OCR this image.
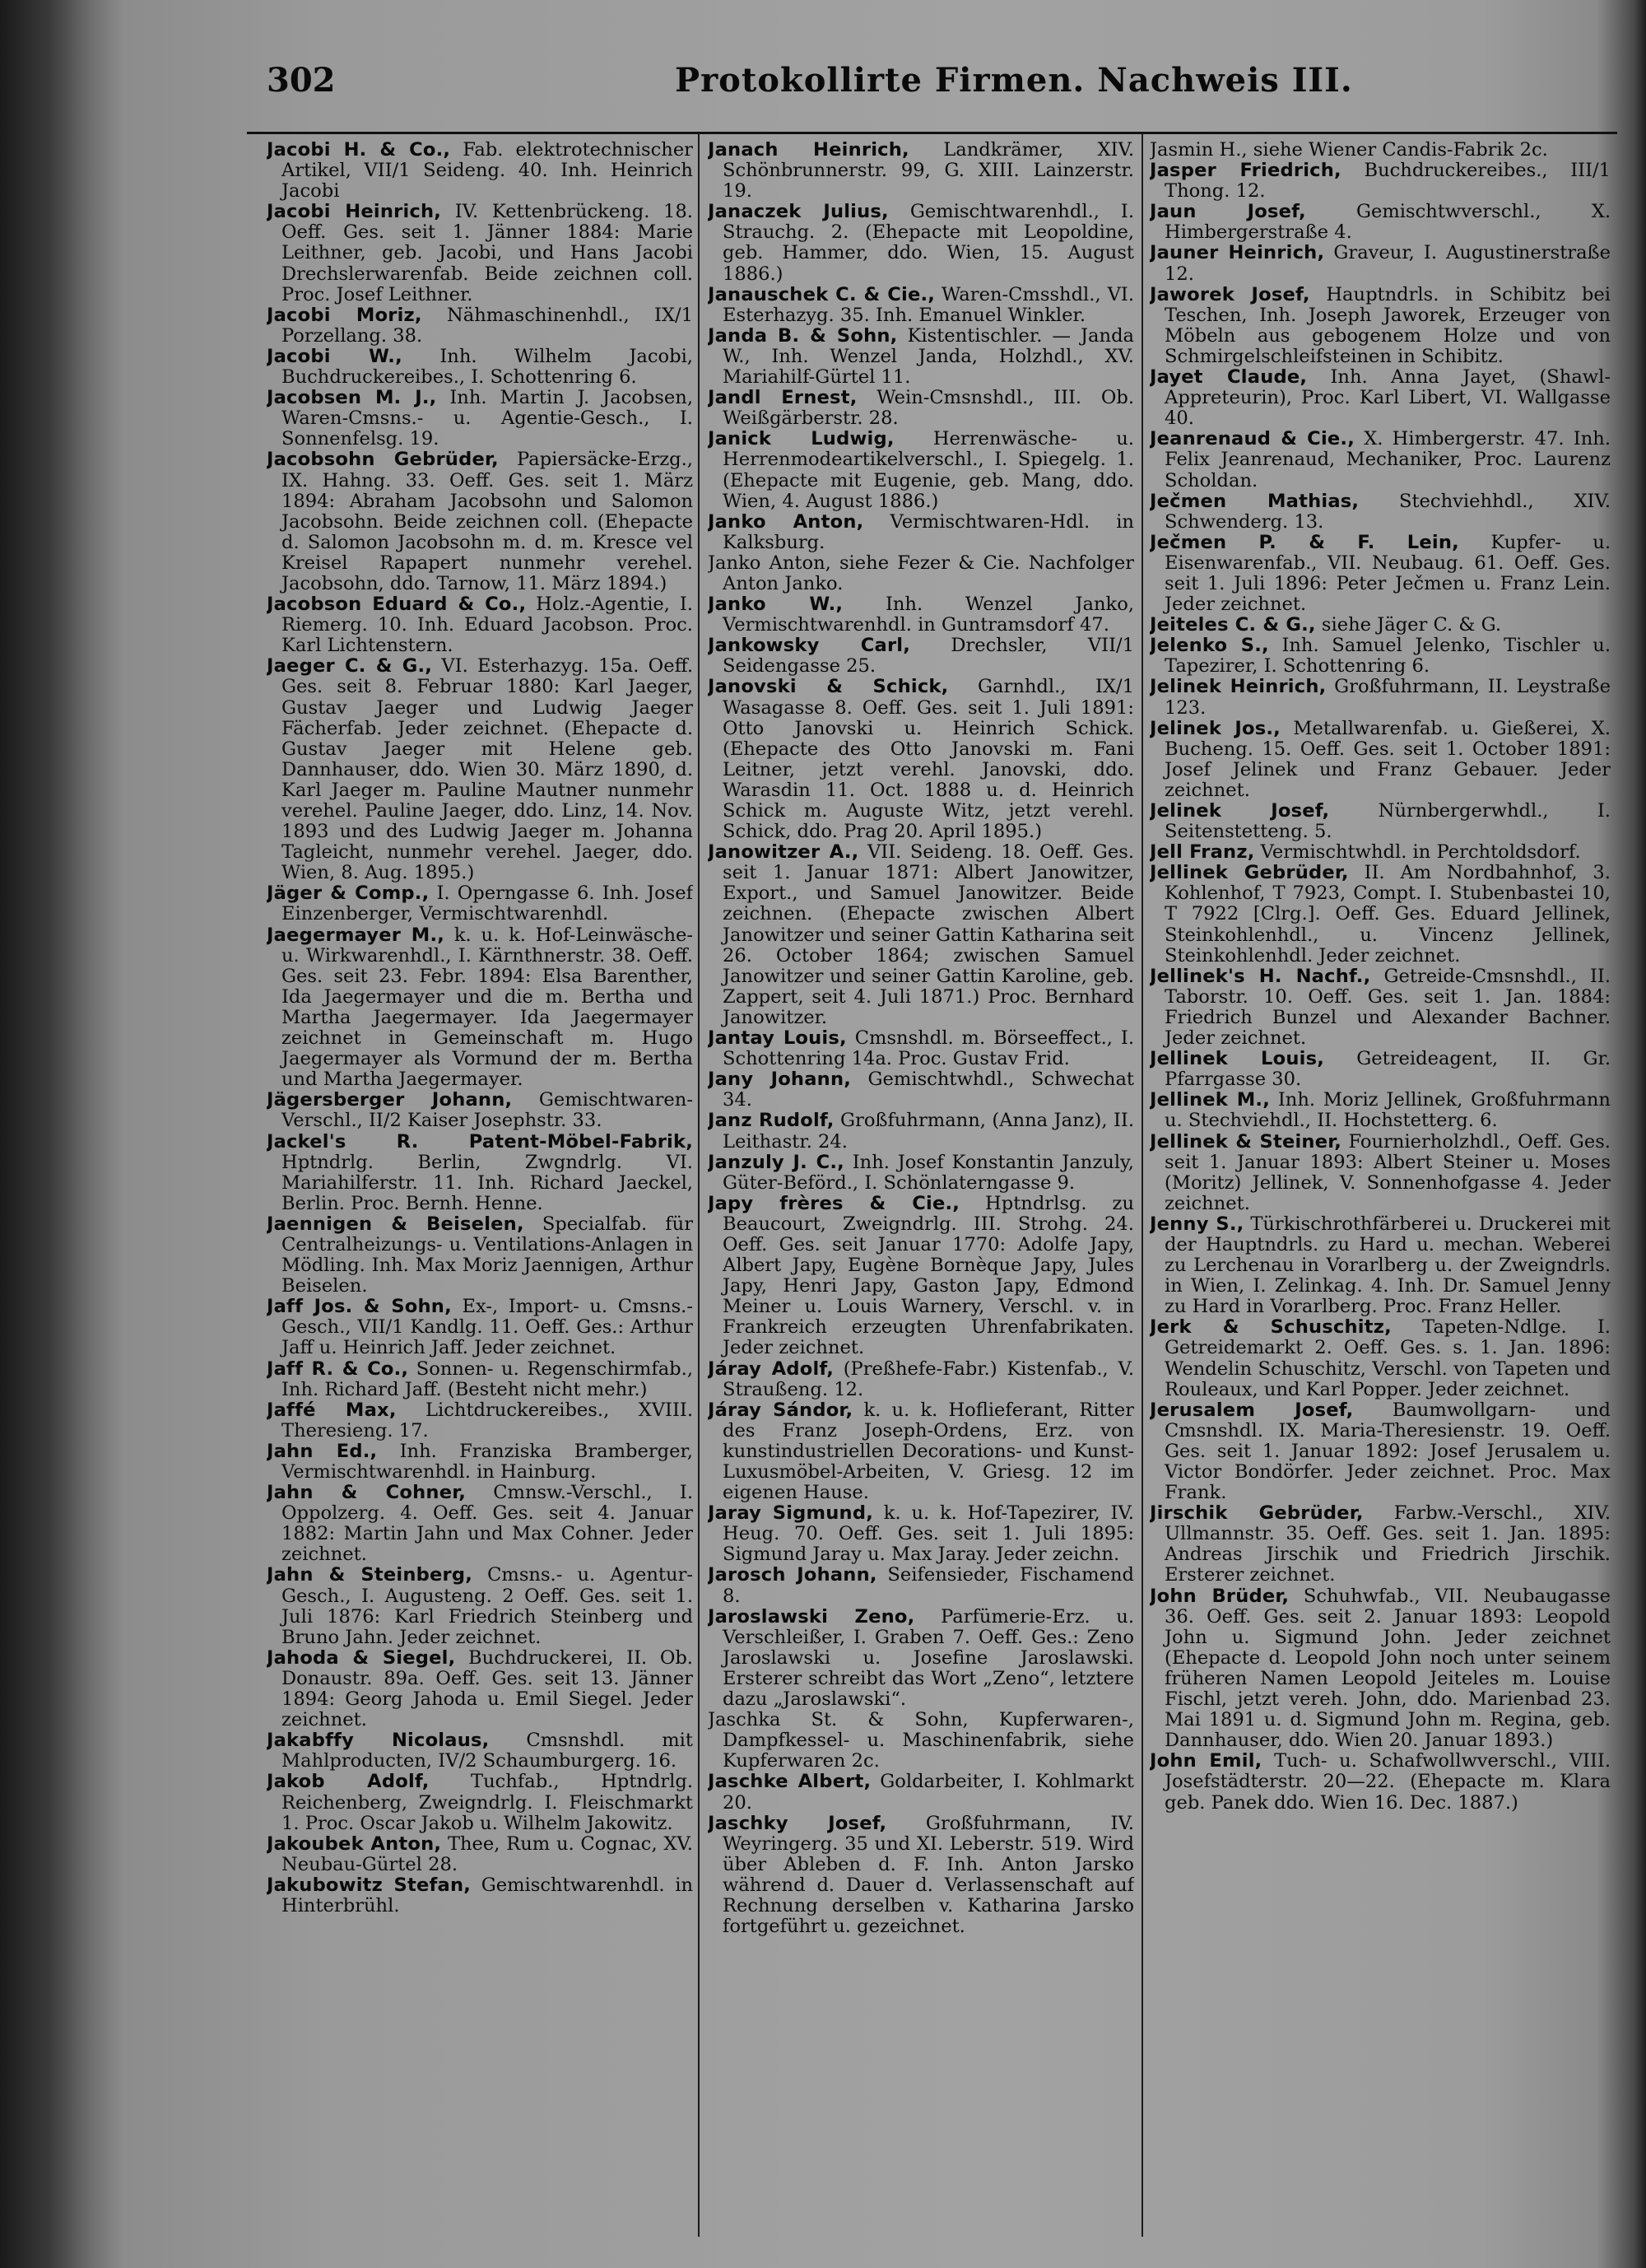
302	Protokollirte Firmen. Nachweis III.
Jacobi H. & Co., Fab. elektrotechnischer Artikel, VII/1 Seideng. 40. Inh. Heinrich Jacobi
Jacobi Heinrich, IV. Kettenbrückeng. 18. Oeff. Ges. seit 1. Jänner 1884: Marie Leithner, geb. Jacobi, und Hans Jacobi Drechslerwarenfab. Beide zeichnen coll. Proc. Josef Leithner.
Jacobi Moriz, Nähmaschinenhdl., IX/1 Porzellang. 38.
Jacobi W., Inh. Wilhelm Jacobi, Buchdruckereibes., I. Schottenring 6.
Jacobsen M. J., Inh. Martin J. Jacobsen, Waren-Cmsns.- u. Agentie-Gesch., I. Sonnenfelsg. 19.
Jacobsohn Gebrüder, Papiersäcke-Erzg., IX. Hahng. 33. Oeff. Ges. seit 1. März 1894: Abraham Jacobsohn und Salomon Jacobsohn. Beide zeichnen coll. (Ehepacte d. Salomon Jacobsohn m. d. m. Kresce vel Kreisel Rapapert nunmehr verehel. Jacobsohn, ddo. Tarnow, 11. März 1894.)
Jacobson Eduard & Co., Holz.-Agentie, I. Riemerg. 10. Inh. Eduard Jacobson. Proc. Karl Lichtenstern.
Jaeger C. & G., VI. Esterhazyg. 15a. Oeff. Ges. seit 8. Februar 1880: Karl Jaeger, Gustav Jaeger und Ludwig Jaeger Fächerfab. Jeder zeichnet. (Ehepacte d. Gustav Jaeger mit Helene geb. Dannhauser, ddo. Wien 30. März 1890, d. Karl Jaeger m. Pauline Mautner nunmehr verehel. Pauline Jaeger, ddo. Linz, 14. Nov. 1893 und des Ludwig Jaeger m. Johanna Tagleicht, nunmehr verehel. Jaeger, ddo. Wien, 8. Aug. 1895.)
Jäger & Comp., I. Operngasse 6. Inh. Josef Einzenberger, Vermischtwarenhdl.
Jaegermayer M., k. u. k. Hof-Leinwäsche- u. Wirkwarenhdl., I. Kärnthnerstr. 38. Oeff. Ges. seit 23. Febr. 1894: Elsa Barenther, Ida Jaegermayer und die m. Bertha und Martha Jaegermayer. Ida Jaegermayer zeichnet in Gemeinschaft m. Hugo Jaegermayer als Vormund der m. Bertha und Martha Jaegermayer.
Jägersberger Johann, Gemischtwaren-Verschl., II/2 Kaiser Josephstr. 33.
Jackel's R. Patent-Möbel-Fabrik, Hptndrlg. Berlin, Zwgndrlg. VI. Mariahilferstr. 11. Inh. Richard Jaeckel, Berlin. Proc. Bernh. Henne.
Jaennigen & Beiselen, Specialfab. für Centralheizungs- u. Ventilations-Anlagen in Mödling. Inh. Max Moriz Jaennigen, Arthur Beiselen.
Jaff Jos. & Sohn, Ex-, Import- u. Cmsns.-Gesch., VII/1 Kandlg. 11. Oeff. Ges.: Arthur Jaff u. Heinrich Jaff. Jeder zeichnet.
Jaff R. & Co., Sonnen- u. Regenschirmfab., Inh. Richard Jaff. (Besteht nicht mehr.)
Jaffé Max, Lichtdruckereibes., XVIII. Theresieng. 17.
Jahn Ed., Inh. Franziska Bramberger, Vermischtwarenhdl. in Hainburg.
Jahn & Cohner, Cmnsw.-Verschl., I. Oppolzerg. 4. Oeff. Ges. seit 4. Januar 1882: Martin Jahn und Max Cohner. Jeder zeichnet.
Jahn & Steinberg, Cmsns.- u. Agentur-Gesch., I. Augusteng. 2 Oeff. Ges. seit 1. Juli 1876: Karl Friedrich Steinberg und Bruno Jahn. Jeder zeichnet.
Jahoda & Siegel, Buchdruckerei, II. Ob. Donaustr. 89a. Oeff. Ges. seit 13. Jänner 1894: Georg Jahoda u. Emil Siegel. Jeder zeichnet.
Jakabffy Nicolaus, Cmsnshdl. mit Mahlproducten, IV/2 Schaumburgerg. 16.
Jakob Adolf, Tuchfab., Hptndrlg. Reichenberg, Zweigndrlg. I. Fleischmarkt 1. Proc. Oscar Jakob u. Wilhelm Jakowitz.
Jakoubek Anton, Thee, Rum u. Cognac, XV. Neubau-Gürtel 28.
Jakubowitz Stefan, Gemischtwarenhdl. in Hinterbrühl.
Janach Heinrich, Landkrämer, XIV. Schönbrunnerstr. 99, G. XIII. Lainzerstr. 19.
Janaczek Julius, Gemischtwarenhdl., I. Strauchg. 2. (Ehepacte mit Leopoldine, geb. Hammer, ddo. Wien, 15. August 1886.)
Janauschek C. & Cie., Waren-Cmsshdl., VI. Esterhazyg. 35. Inh. Emanuel Winkler.
Janda B. & Sohn, Kistentischler. — Janda W., Inh. Wenzel Janda, Holzhdl., XV. Mariahilf-Gürtel 11.
Jandl Ernest, Wein-Cmsnshdl., III. Ob. Weißgärberstr. 28.
Janick Ludwig, Herrenwäsche- u. Herrenmodeartikelverschl., I. Spiegelg. 1. (Ehepacte mit Eugenie, geb. Mang, ddo. Wien, 4. August 1886.)
Janko Anton, Vermischtwaren-Hdl. in Kalksburg.
Janko Anton, siehe Fezer & Cie. Nachfolger Anton Janko.
Janko W., Inh. Wenzel Janko, Vermischtwarenhdl. in Guntramsdorf 47.
Jankowsky Carl, Drechsler, VII/1 Seidengasse 25.
Janovski & Schick, Garnhdl., IX/1 Wasagasse 8. Oeff. Ges. seit 1. Juli 1891: Otto Janovski u. Heinrich Schick. (Ehepacte des Otto Janovski m. Fani Leitner, jetzt verehl. Janovski, ddo. Warasdin 11. Oct. 1888 u. d. Heinrich Schick m. Auguste Witz, jetzt verehl. Schick, ddo. Prag 20. April 1895.)
Janowitzer A., VII. Seideng. 18. Oeff. Ges. seit 1. Januar 1871: Albert Janowitzer, Export., und Samuel Janowitzer. Beide zeichnen. (Ehepacte zwischen Albert Janowitzer und seiner Gattin Katharina seit 26. October 1864; zwischen Samuel Janowitzer und seiner Gattin Karoline, geb. Zappert, seit 4. Juli 1871.) Proc. Bernhard Janowitzer.
Jantay Louis, Cmsnshdl. m. Börseeffect., I. Schottenring 14a. Proc. Gustav Frid.
Jany Johann, Gemischtwhdl., Schwechat 34.
Janz Rudolf, Großfuhrmann, (Anna Janz), II. Leithastr. 24.
Janzuly J. C., Inh. Josef Konstantin Janzuly, Güter-Beförd., I. Schönlaterngasse 9.
Japy frères & Cie., Hptndrlsg. zu Beaucourt, Zweigndrlg. III. Strohg. 24. Oeff. Ges. seit Januar 1770: Adolfe Japy, Albert Japy, Eugène Bornèque Japy, Jules Japy, Henri Japy, Gaston Japy, Edmond Meiner u. Louis Warnery, Verschl. v. in Frankreich erzeugten Uhrenfabrikaten. Jeder zeichnet.
Járay Adolf, (Preßhefe-Fabr.) Kistenfab., V. Straußeng. 12.
Járay Sándor, k. u. k. Hoflieferant, Ritter des Franz Joseph-Ordens, Erz. von kunstindustriellen Decorations- und Kunst-Luxusmöbel-Arbeiten, V. Griesg. 12 im eigenen Hause.
Jaray Sigmund, k. u. k. Hof-Tapezirer, IV. Heug. 70. Oeff. Ges. seit 1. Juli 1895: Sigmund Jaray u. Max Jaray. Jeder zeichn.
Jarosch Johann, Seifensieder, Fischamend 8.
Jaroslawski Zeno, Parfümerie-Erz. u. Verschleißer, I. Graben 7. Oeff. Ges.: Zeno Jaroslawski u. Josefine Jaroslawski. Ersterer schreibt das Wort „Zeno“, letztere dazu „Jaroslawski“.
Jaschka St. & Sohn, Kupferwaren-, Dampfkessel- u. Maschinenfabrik, siehe Kupferwaren 2c.
Jaschke Albert, Goldarbeiter, I. Kohlmarkt 20.
Jaschky Josef, Großfuhrmann, IV. Weyringerg. 35 und XI. Leberstr. 519. Wird über Ableben d. F. Inh. Anton Jarsko während d. Dauer d. Verlassenschaft auf Rechnung derselben v. Katharina Jarsko fortgeführt u. gezeichnet.
Jasmin H., siehe Wiener Candis-Fabrik 2c.
Jasper Friedrich, Buchdruckereibes., III/1 Thong. 12.
Jaun Josef,	Gemischtwverschl., X. Himbergerstraße 4.
Jauner Heinrich, Graveur, I. Augustinerstraße 12.
Jaworek Josef, Hauptndrls. in Schibitz bei Teschen, Inh. Joseph Jaworek, Erzeuger von Möbeln aus gebogenem Holze und von Schmirgelschleifsteinen in Schibitz.
Jayet Claude, Inh. Anna Jayet, (Shawl-Appreteurin), Proc. Karl Libert, VI. Wallgasse 40.
Jeanrenaud & Cie., X. Himbergerstr. 47. Inh. Felix Jeanrenaud, Mechaniker, Proc. Laurenz Scholdan.
Ječmen Mathias, Stechviehhdl., XIV. Schwenderg. 13.
Ječmen P. & F. Lein, Kupfer- u. Eisenwarenfab., VII. Neubaug. 61. Oeff. Ges. seit 1. Juli 1896: Peter Ječmen u. Franz Lein. Jeder zeichnet.
Jeiteles C. & G., siehe Jäger C. & G.
Jelenko S., Inh. Samuel Jelenko, Tischler u. Tapezirer, I. Schottenring 6.
Jelinek Heinrich, Großfuhrmann, II. Leystraße 123.
Jelinek Jos., Metallwarenfab. u. Gießerei, X. Bucheng. 15. Oeff. Ges. seit 1. October 1891: Josef Jelinek und Franz Gebauer. Jeder zeichnet.
Jelinek Josef,	Nürnbergerwhdl., I. Seitenstetteng. 5.
Jell Franz, Vermischtwhdl. in Perchtoldsdorf.
Jellinek Gebrüder, II. Am Nordbahnhof, 3. Kohlenhof, T 7923, Compt. I. Stubenbastei 10, T 7922 [Clrg.]. Oeff. Ges. Eduard Jellinek, Steinkohlenhdl., u. Vincenz Jellinek, Steinkohlenhdl. Jeder zeichnet.
Jellinek's H. Nachf., Getreide-Cmsnshdl., II. Taborstr. 10. Oeff. Ges. seit 1. Jan. 1884: Friedrich Bunzel und Alexander Bachner. Jeder zeichnet.
Jellinek Louis, Getreideagent, II. Gr. Pfarrgasse 30.
Jellinek M., Inh. Moriz Jellinek, Großfuhrmann u. Stechviehdl., II. Hochstetterg. 6.
Jellinek & Steiner, Fournierholzhdl., Oeff. Ges. seit 1. Januar 1893: Albert Steiner u. Moses (Moritz) Jellinek, V. Sonnenhofgasse 4. Jeder zeichnet.
Jenny S., Türkischrothfärberei u. Druckerei mit der Hauptndrls. zu Hard u. mechan. Weberei zu Lerchenau in Vorarlberg u. der Zweigndrls. in Wien, I. Zelinkag. 4. Inh. Dr. Samuel Jenny zu Hard in Vorarlberg. Proc. Franz Heller.
Jerk & Schuschitz, Tapeten-Ndlge. I. Getreidemarkt 2. Oeff. Ges. s. 1. Jan. 1896: Wendelin Schuschitz, Verschl. von Tapeten und Rouleaux, und Karl Popper. Jeder zeichnet.
Jerusalem Josef, Baumwollgarn- und Cmsnshdl. IX. Maria-Theresienstr. 19. Oeff. Ges. seit 1. Januar 1892: Josef Jerusalem u. Victor Bondörfer. Jeder zeichnet. Proc. Max Frank.
Jirschik Gebrüder, Farbw.-Verschl., XIV. Ullmannstr. 35. Oeff. Ges. seit 1. Jan. 1895: Andreas Jirschik und Friedrich Jirschik. Ersterer zeichnet.
John Brüder, Schuhwfab., VII. Neubaugasse 36. Oeff. Ges. seit 2. Januar 1893: Leopold John u. Sigmund John. Jeder zeichnet (Ehepacte d. Leopold John noch unter seinem früheren Namen Leopold Jeiteles m. Louise Fischl, jetzt vereh. John, ddo. Marienbad 23. Mai 1891 u. d. Sigmund John m. Regina, geb. Dannhauser, ddo. Wien 20. Januar 1893.)
John Emil, Tuch- u. Schafwollwverschl., VIII. Josefstädterstr. 20—22. (Ehepacte m. Klara geb. Panek ddo. Wien 16. Dec. 1887.)
